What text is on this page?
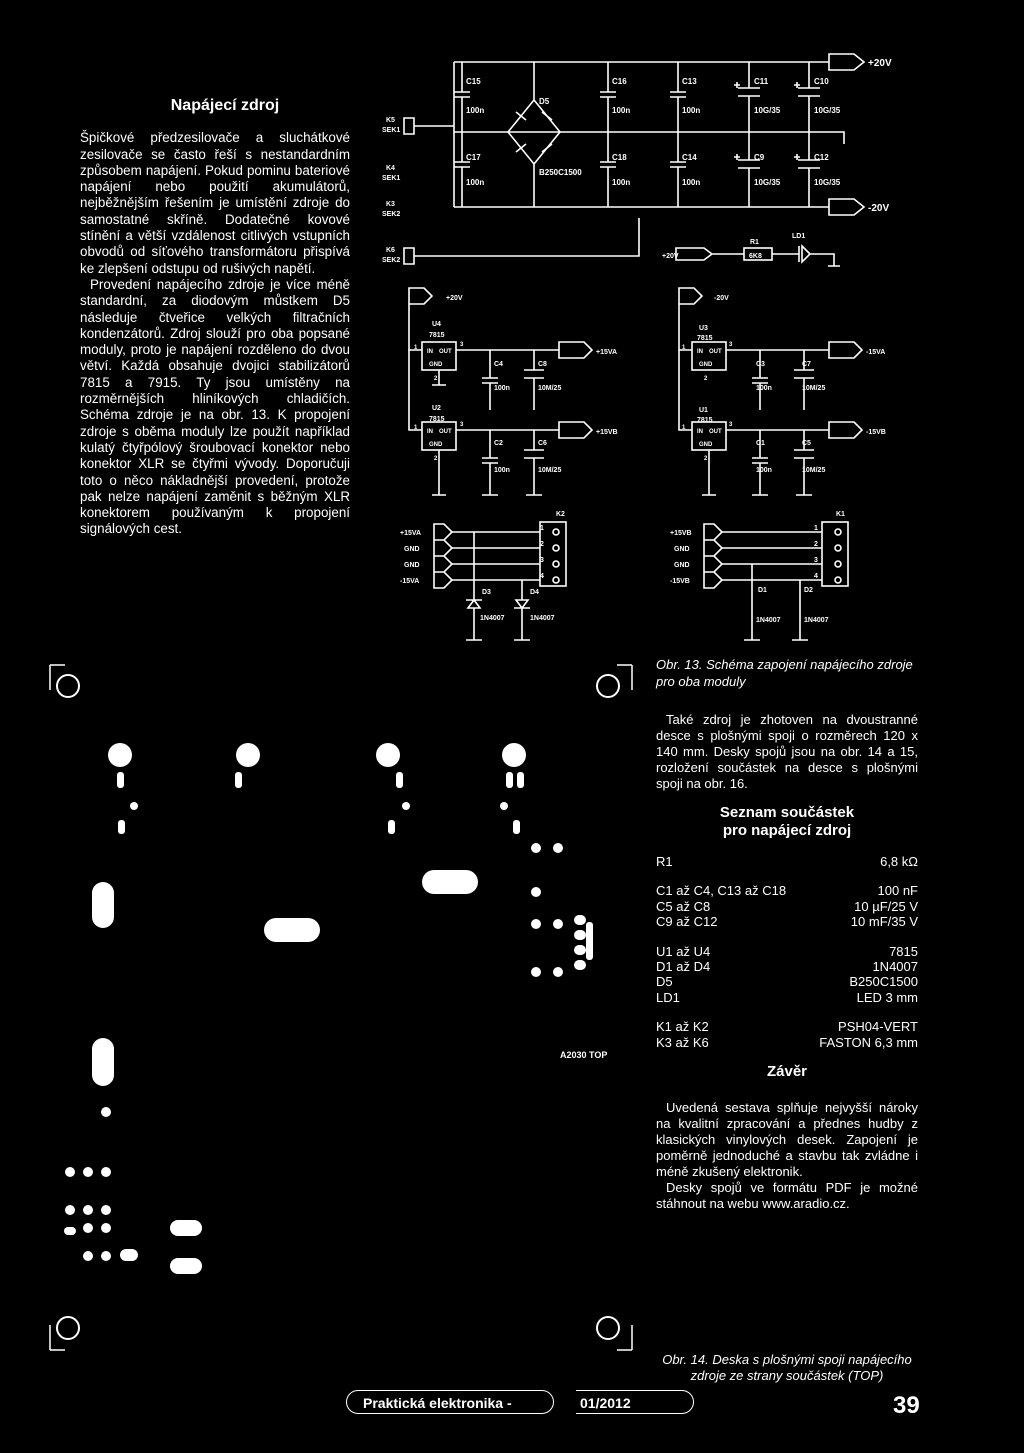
Napájecí zdroj

Špičkové předzesilovače a sluchátkové zesilovače se často řeší s nestandardním způsobem napájení. Pokud pominu bateriové napájení nebo použití akumulátorů, nejběžnějším řešením je umístění zdroje do samostatné skříně. Dodatečné kovové stínění a větší vzdálenost citlivých vstupních obvodů od síťového transformátoru přispívá ke zlepšení odstupu od rušivých napětí.

Provedení napájecího zdroje je více méně standardní, za diodovým můstkem D5 následuje čtveřice velkých filtračních kondenzátorů. Zdroj slouží pro oba popsané moduly, proto je napájení rozděleno do dvou větví. Každá obsahuje dvojici stabilizátorů 7815 a 7915. Ty jsou umístěny na rozměrnějších hliníkových chladičích. Schéma zdroje je na obr. 13. K propojení zdroje s oběma moduly lze použít například kulatý čtyřpólový šroubovací konektor nebo konektor XLR se čtyřmi vývody. Doporučuji toto o něco nákladnější provedení, protože pak nelze napájení zaměnit s běžným XLR konektorem používaným k propojení signálových cest.

+20V
-20V
C15
100n
C17
100n
C16
100n
C18
100n
C13
100n
C14
100n
C11
10G/35
C9
10G/35
C10
10G/35
C12
10G/35
D5
B250C1500
K5
SEK1
K4
SEK1
K3
SEK2
K6
SEK2
+20V
R1
6K8
LD1
+20V
U4
7815
+15VA
C4
100n
C8
10M/25
U2
7815
+15VB
C2
100n
C6
10M/25
-20V
U3
7815
-15VA
C3
100n
C7
10M/25
U1
7815
-15VB
C1
100n
C5
10M/25
IN OUT
GND
IN OUT
GND
IN OUT
GND
IN OUT
GND
1	3
2
1	3
2
1	3
2
1	3
2
+15VA
GND
GND
-15VA
K2
1
2
3
4
D3
1N4007
D4
1N4007
+15VB
GND
GND
-15VB
K1
1
2
3
4
D1
1N4007
D2
1N4007
A2030 TOP
Obr. 13. Schéma zapojení napájecího zdroje pro oba moduly

Také zdroj je zhotoven na dvoustranné desce s plošnými spoji o rozměrech 120 x 140 mm. Desky spojů jsou na obr. 14 a 15, rozložení součástek na desce s plošnými spoji na obr. 16.

Seznam součástek
pro napájecí zdroj
R1	6,8 kΩ

C1 až C4, C13 až C18	100 nF
C5 až C8	10 µF/25 V
C9 až C12	10 mF/35 V

U1 až U4	7815
D1 až D4	1N4007
D5	B250C1500
LD1	LED 3 mm

K1 až K2	PSH04-VERT
K3 až K6	FASTON 6,3 mm
Závěr

Uvedená sestava splňuje nejvyšší nároky na kvalitní zpracování a přednes hudby z klasických vinylových desek. Zapojení je poměrně jednoduché a stavbu tak zvládne i méně zkušený elektronik.

Desky spojů ve formátu PDF je možné stáhnout na webu www.aradio.cz.

Obr. 14. Deska s plošnými spoji napájecího zdroje ze strany součástek (TOP)
Praktická elektronika -	01/2012	39
